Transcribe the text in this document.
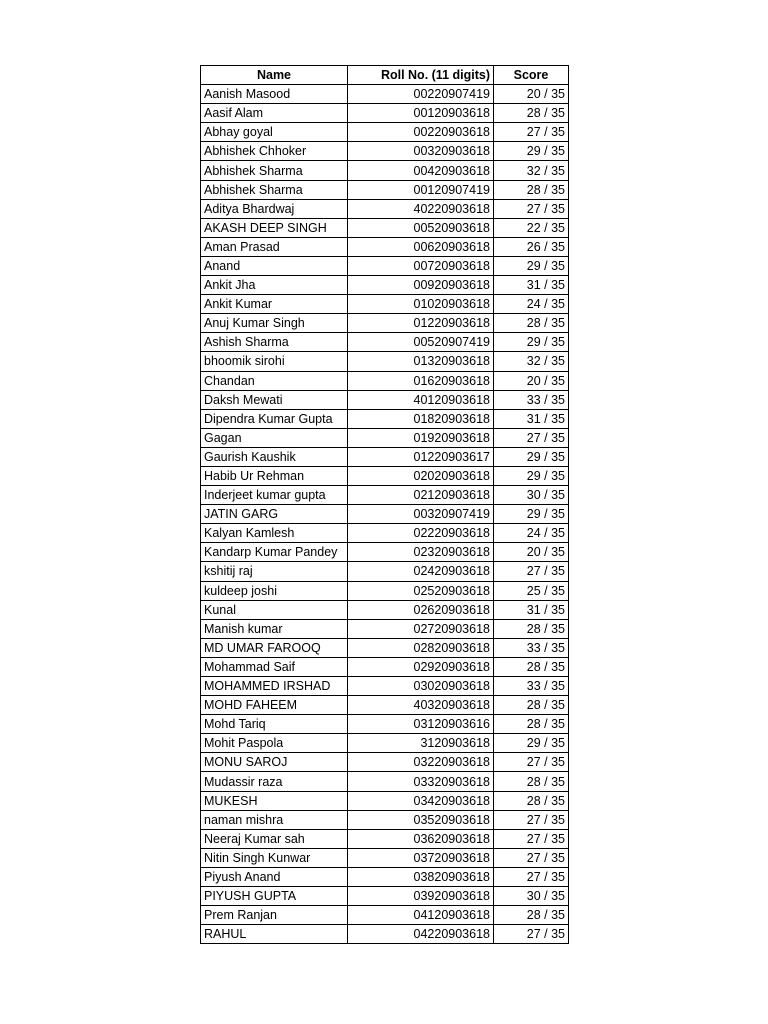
Name	Roll No. (11 digits)	Score
Aanish Masood	00220907419	20 / 35
Aasif Alam	00120903618	28 / 35
Abhay goyal	00220903618	27 / 35
Abhishek Chhoker	00320903618	29 / 35
Abhishek Sharma	00420903618	32 / 35
Abhishek Sharma	00120907419	28 / 35
Aditya Bhardwaj	40220903618	27 / 35
AKASH DEEP SINGH	00520903618	22 / 35
Aman Prasad	00620903618	26 / 35
Anand	00720903618	29 / 35
Ankit Jha	00920903618	31 / 35
Ankit Kumar	01020903618	24 / 35
Anuj Kumar Singh	01220903618	28 / 35
Ashish Sharma	00520907419	29 / 35
bhoomik sirohi	01320903618	32 / 35
Chandan	01620903618	20 / 35
Daksh Mewati	40120903618	33 / 35
Dipendra Kumar Gupta	01820903618	31 / 35
Gagan	01920903618	27 / 35
Gaurish Kaushik	01220903617	29 / 35
Habib Ur Rehman	02020903618	29 / 35
Inderjeet kumar gupta	02120903618	30 / 35
JATIN GARG	00320907419	29 / 35
Kalyan Kamlesh	02220903618	24 / 35
Kandarp Kumar Pandey	02320903618	20 / 35
kshitij raj	02420903618	27 / 35
kuldeep joshi	02520903618	25 / 35
Kunal	02620903618	31 / 35
Manish kumar	02720903618	28 / 35
MD UMAR FAROOQ	02820903618	33 / 35
Mohammad Saif	02920903618	28 / 35
MOHAMMED IRSHAD	03020903618	33 / 35
MOHD FAHEEM	40320903618	28 / 35
Mohd Tariq	03120903616	28 / 35
Mohit Paspola	3120903618	29 / 35
MONU SAROJ	03220903618	27 / 35
Mudassir raza	03320903618	28 / 35
MUKESH	03420903618	28 / 35
naman mishra	03520903618	27 / 35
Neeraj Kumar sah	03620903618	27 / 35
Nitin Singh Kunwar	03720903618	27 / 35
Piyush Anand	03820903618	27 / 35
PIYUSH GUPTA	03920903618	30 / 35
Prem Ranjan	04120903618	28 / 35
RAHUL	04220903618	27 / 35
